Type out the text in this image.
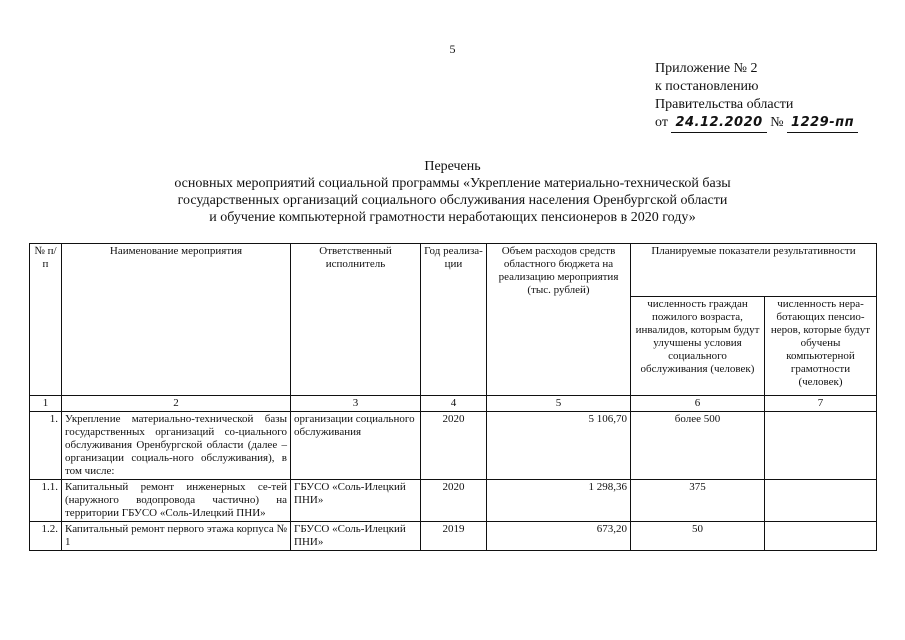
5
Приложение № 2
к постановлению
Правительства области
от 24.12.2020 № 1229-пп
Перечень
основных мероприятий социальной программы «Укрепление материально-технической базы
государственных организаций социального обслуживания населения Оренбургской области
и обучение компьютерной грамотности неработающих пенсионеров в 2020 году»
№ п/п	Наименование мероприятия	Ответственный исполнитель	Год реализа-ции	Объем расходов средств областного бюджета на реализацию мероприятия (тыс. рублей)	Планируемые показатели результативности	
					численность граждан пожилого возраста, инвалидов, которым будут улучшены условия социального обслуживания (человек)	численность нера-ботающих пенсио-неров, которые будут обучены компьютерной грамотности (человек)
1	2	3	4	5	6	7
1.	Укрепление материально-технической базы государственных организаций со-циального обслуживания Оренбургской области (далее – организации социаль-ного обслуживания), в том числе:	организации социального обслуживания	2020	5 106,70	более 500	
1.1.	Капитальный ремонт инженерных се-тей (наружного водопровода частично) на территории ГБУСО «Соль-Илецкий ПНИ»	ГБУСО «Соль-Илецкий ПНИ»	2020	1 298,36	375	
1.2.	Капитальный ремонт первого этажа корпуса № 1	ГБУСО «Соль-Илецкий ПНИ»	2019	673,20	50	
